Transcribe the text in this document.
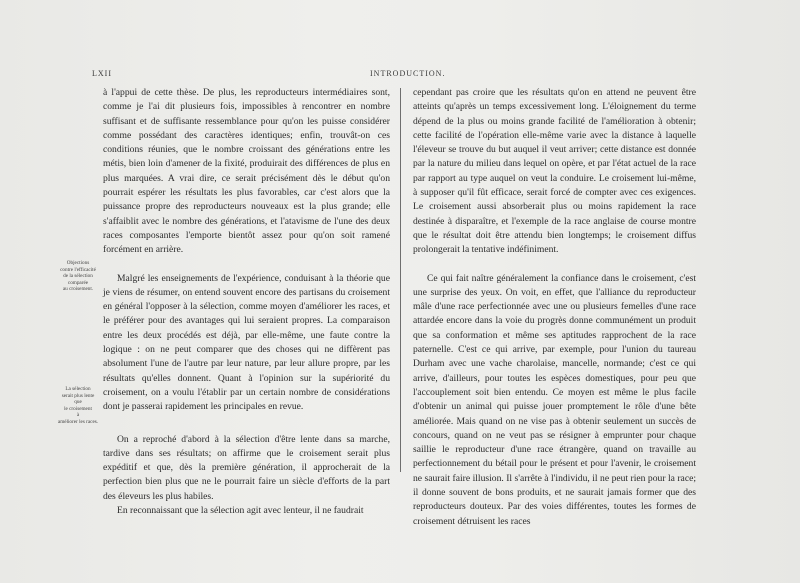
LXII	INTRODUCTION.
Objections
contre l'efficacité
de la sélection
comparée
au croisement.
La sélection
serait plus lente
que
le croisement
à
améliorer les races.

à l'appui de cette thèse. De plus, les reproducteurs intermédiaires sont, comme je l'ai dit plusieurs fois, impossibles à rencontrer en nombre suffisant et de suffisante ressemblance pour qu'on les puisse considérer comme possédant des caractères identiques; enfin, trouvât-on ces conditions réunies, que le nombre croissant des générations entre les métis, bien loin d'amener de la fixité, produirait des différences de plus en plus marquées. A vrai dire, ce serait précisément dès le début qu'on pourrait espérer les résultats les plus favorables, car c'est alors que la puissance propre des reproducteurs nouveaux est la plus grande; elle s'affaiblit avec le nombre des générations, et l'atavisme de l'une des deux races composantes l'emporte bientôt assez pour qu'on soit ramené forcément en arrière.

Malgré les enseignements de l'expérience, conduisant à la théorie que je viens de résumer, on entend souvent encore des partisans du croisement en général l'opposer à la sélection, comme moyen d'améliorer les races, et le préférer pour des avantages qui lui seraient propres. La comparaison entre les deux procédés est déjà, par elle-même, une faute contre la logique : on ne peut comparer que des choses qui ne diffèrent pas absolument l'une de l'autre par leur nature, par leur allure propre, par les résultats qu'elles donnent. Quant à l'opinion sur la supériorité du croisement, on a voulu l'établir par un certain nombre de considérations dont je passerai rapidement les principales en revue.

On a reproché d'abord à la sélection d'être lente dans sa marche, tardive dans ses résultats; on affirme que le croisement serait plus expéditif et que, dès la première génération, il approcherait de la perfection bien plus que ne le pourrait faire un siècle d'efforts de la part des éleveurs les plus habiles.

En reconnaissant que la sélection agit avec lenteur, il ne faudrait

cependant pas croire que les résultats qu'on en attend ne peuvent être atteints qu'après un temps excessivement long. L'éloignement du terme dépend de la plus ou moins grande facilité de l'amélioration à obtenir; cette facilité de l'opération elle-même varie avec la distance à laquelle l'éleveur se trouve du but auquel il veut arriver; cette distance est donnée par la nature du milieu dans lequel on opère, et par l'état actuel de la race par rapport au type auquel on veut la conduire. Le croisement lui-même, à supposer qu'il fût efficace, serait forcé de compter avec ces exigences. Le croisement aussi absorberait plus ou moins rapidement la race destinée à disparaître, et l'exemple de la race anglaise de course montre que le résultat doit être attendu bien longtemps; le croisement diffus prolongerait la tentative indéfiniment.

Ce qui fait naître généralement la confiance dans le croisement, c'est une surprise des yeux. On voit, en effet, que l'alliance du reproducteur mâle d'une race perfectionnée avec une ou plusieurs femelles d'une race attardée encore dans la voie du progrès donne communément un produit que sa conformation et même ses aptitudes rapprochent de la race paternelle. C'est ce qui arrive, par exemple, pour l'union du taureau Durham avec une vache charolaise, mancelle, normande; c'est ce qui arrive, d'ailleurs, pour toutes les espèces domestiques, pour peu que l'accouplement soit bien entendu. Ce moyen est même le plus facile d'obtenir un animal qui puisse jouer promptement le rôle d'une bête améliorée. Mais quand on ne vise pas à obtenir seulement un succès de concours, quand on ne veut pas se résigner à emprunter pour chaque saillie le reproducteur d'une race étrangère, quand on travaille au perfectionnement du bétail pour le présent et pour l'avenir, le croisement ne saurait faire illusion. Il s'arrête à l'individu, il ne peut rien pour la race; il donne souvent de bons produits, et ne saurait jamais former que des reproducteurs douteux. Par des voies différentes, toutes les formes de croisement détruisent les races
